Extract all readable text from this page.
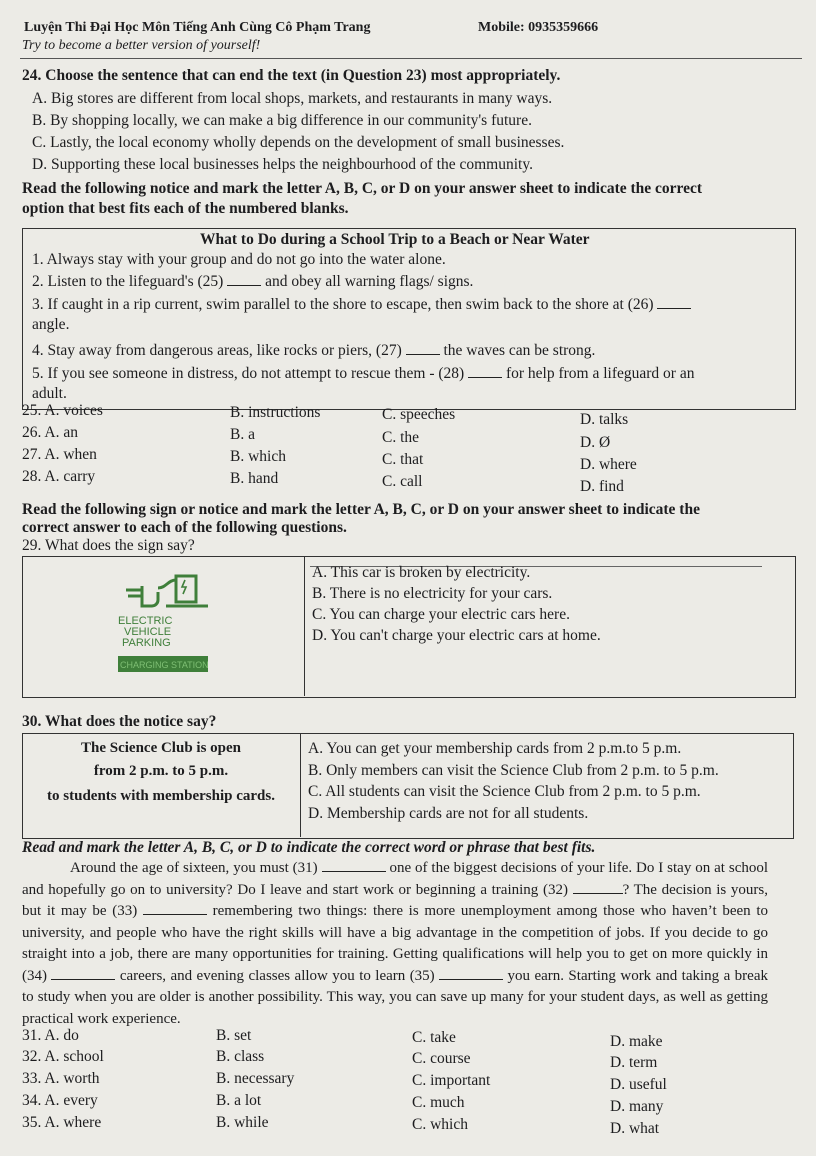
Luyện Thi Đại Học Môn Tiếng Anh Cùng Cô Phạm Trang	Mobile: 0935359666
Try to become a better version of yourself!
24. Choose the sentence that can end the text (in Question 23) most appropriately.
A. Big stores are different from local shops, markets, and restaurants in many ways.
B. By shopping locally, we can make a big difference in our community's future.
C. Lastly, the local economy wholly depends on the development of small businesses.
D. Supporting these local businesses helps the neighbourhood of the community.
Read the following notice and mark the letter A, B, C, or D on your answer sheet to indicate the correct
option that best fits each of the numbered blanks.
What to Do during a School Trip to a Beach or Near Water
1. Always stay with your group and do not go into the water alone.
2. Listen to the lifeguard's (25)	and obey all warning flags/ signs.
3. If caught in a rip current, swim parallel to the shore to escape, then swim back to the shore at (26)
angle.
4. Stay away from dangerous areas, like rocks or piers, (27)	the waves can be strong.
5. If you see someone in distress, do not attempt to rescue them - (28)	for help from a lifeguard or an
adult.
25. A. voices	B. instructions	C. speeches	D. talks
26. A. an	B. a	C. the	D. Ø
27. A. when	B. which	C. that	D. where
28. A. carry	B. hand	C. call	D. find
Read the following sign or notice and mark the letter A, B, C, or D on your answer sheet to indicate the
correct answer to each of the following questions.
29. What does the sign say?
ELECTRIC
VEHICLE
PARKING
CHARGING STATION
A. This car is broken by electricity.
B. There is no electricity for your cars.
C. You can charge your electric cars here.
D. You can't charge your electric cars at home.
30. What does the notice say?
The Science Club is open
from 2 p.m. to 5 p.m.
to students with membership cards.
A. You can get your membership cards from 2 p.m.to 5 p.m.
B. Only members can visit the Science Club from 2 p.m. to 5 p.m.
C. All students can visit the Science Club from 2 p.m. to 5 p.m.
D. Membership cards are not for all students.
Read and mark the letter A, B, C, or D to indicate the correct word or phrase that best fits.

Around the age of sixteen, you must (31)	one of the biggest decisions of your life. Do I stay on at school and hopefully go on to university? Do I leave and start work or beginning a training (32)	? The decision is yours, but it may be (33)	remembering two things: there is more unemployment among those who haven’t been to university, and people who have the right skills will have a big advantage in the competition of jobs. If you decide to go straight into a job, there are many opportunities for training. Getting qualifications will help you to get on more quickly in (34)	careers, and evening classes allow you to learn (35)	you earn. Starting work and taking a break to study when you are older is another possibility. This way, you can save up many for your student days, as well as getting practical work experience.

31. A. do	B. set	C. take	D. make
32. A. school	B. class	C. course	D. term
33. A. worth	B. necessary	C. important	D. useful
34. A. every	B. a lot	C. much	D. many
35. A. where	B. while	C. which	D. what
